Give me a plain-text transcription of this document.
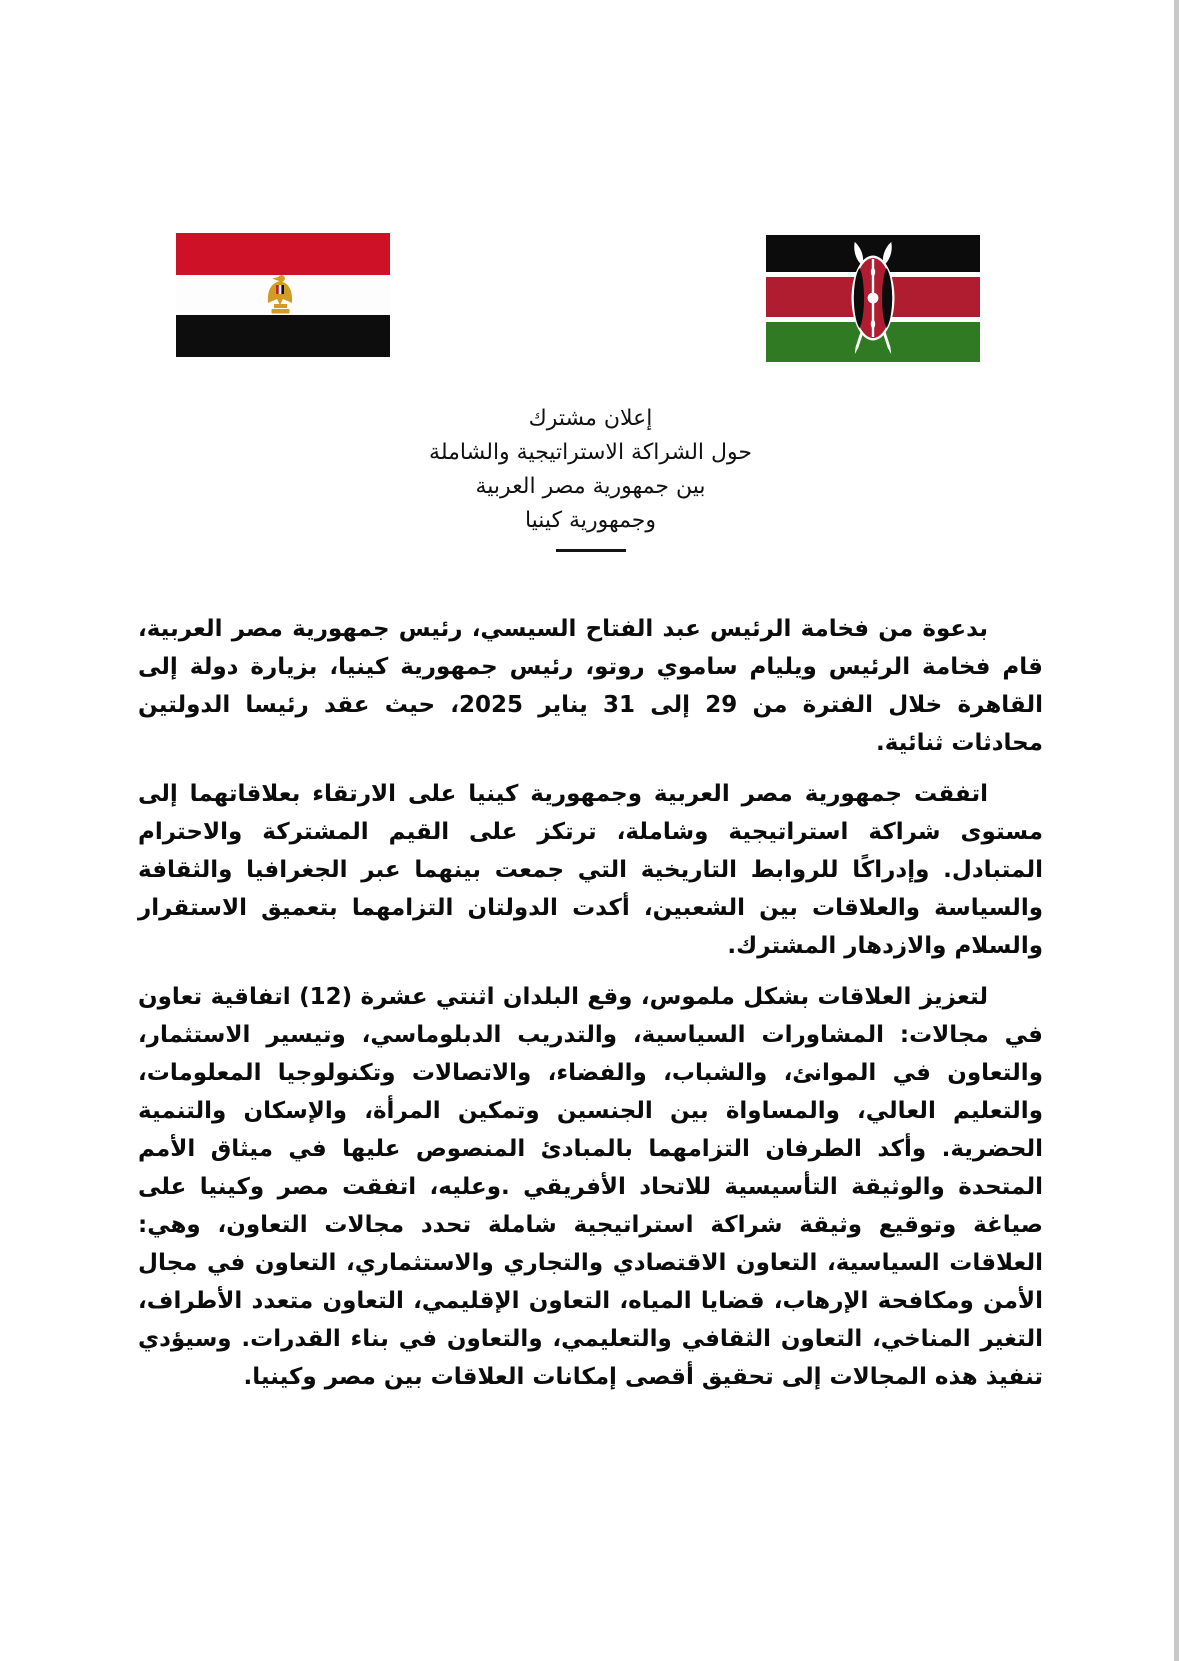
إعلان مشترك
حول الشراكة الاستراتيجية والشاملة
بين جمهورية مصر العربية
وجمهورية كينيا

بدعوة من فخامة الرئيس عبد الفتاح السيسي، رئيس جمهورية مصر العربية، قام فخامة الرئيس ويليام ساموي روتو، رئيس جمهورية كينيا، بزيارة دولة إلى القاهرة خلال الفترة من 29 إلى 31 يناير 2025، حيث عقد رئيسا الدولتين محادثات ثنائية.

اتفقت جمهورية مصر العربية وجمهورية كينيا على الارتقاء بعلاقاتهما إلى مستوى شراكة استراتيجية وشاملة، ترتكز على القيم المشتركة والاحترام المتبادل. وإدراكًا للروابط التاريخية التي جمعت بينهما عبر الجغرافيا والثقافة والسياسة والعلاقات بين الشعبين، أكدت الدولتان التزامهما بتعميق الاستقرار والسلام والازدهار المشترك.

لتعزيز العلاقات بشكل ملموس، وقع البلدان اثنتي عشرة (12) اتفاقية تعاون في مجالات: المشاورات السياسية، والتدريب الدبلوماسي، وتيسير الاستثمار، والتعاون في الموانئ، والشباب، والفضاء، والاتصالات وتكنولوجيا المعلومات، والتعليم العالي، والمساواة بين الجنسين وتمكين المرأة، والإسكان والتنمية الحضرية. وأكد الطرفان التزامهما بالمبادئ المنصوص عليها في ميثاق الأمم المتحدة والوثيقة التأسيسية للاتحاد الأفريقي .وعليه، اتفقت مصر وكينيا على صياغة وتوقيع وثيقة شراكة استراتيجية شاملة تحدد مجالات التعاون، وهي: العلاقات السياسية، التعاون الاقتصادي والتجاري والاستثماري، التعاون في مجال الأمن ومكافحة الإرهاب، قضايا المياه، التعاون الإقليمي، التعاون متعدد الأطراف، التغير المناخي، التعاون الثقافي والتعليمي، والتعاون في بناء القدرات. وسيؤدي تنفيذ هذه المجالات إلى تحقيق أقصى إمكانات العلاقات بين مصر وكينيا.
